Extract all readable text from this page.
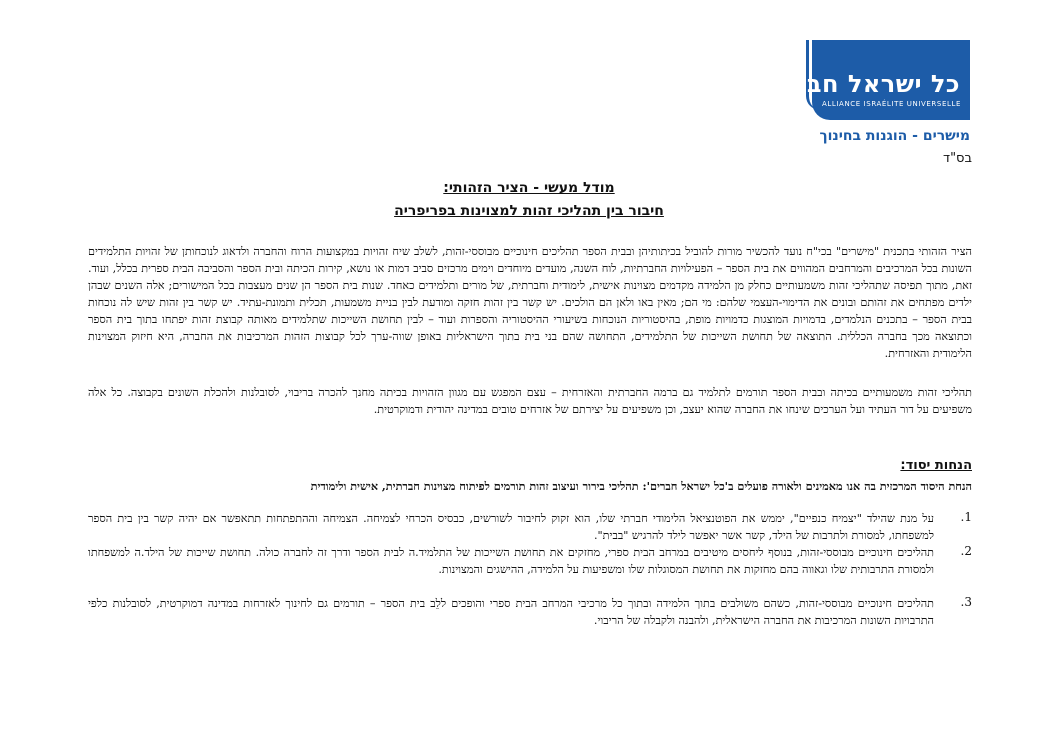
כל ישראל חברים
ALLIANCE ISRAÉLITE UNIVERSELLE
מישרים - הוגנות בחינוך
בס"ד
מודל מעשי - הציר הזהותי:
חיבור בין תהליכי זהות למצוינות בפריפריה
הציר הזהותי בתכנית "מישרים" בכי"ח נועד להכשיר מורות להוביל בכיתותיהן ובבית הספר תהליכים חינוכיים מבוססי-זהות, לשלב שיח זהויות במקצועות הרוח והחברה ולדאוג לנוכחותן של זהויות התלמידים השונות בכל המרכיבים והמרחבים המהווים את בית הספר – הפעילויות החברתיות, לוח השנה, מועדים מיוחדים וימים מרכזים סביב דמות או נושא, קירות הכיתה ובית הספר והסביבה הבית ספרית בכלל, ועוד. זאת, מתוך תפיסה שתהליכי זהות משמעותיים כחלק מן הלמידה מקדמים מצוינות אישית, לימודית וחברתית, של מורים ותלמידים כאחד. שנות בית הספר הן שנים מעצבות בכל המישורים; אלה השנים שבהן ילדים מפתחים את זהותם ובונים את הדימוי-העצמי שלהם: מי הם; מאין באו ולאן הם הולכים. יש קשר בין זהות חזקה ומודעת לבין בניית משמעות, תכלית ותמונת-עתיד. יש קשר בין זהות שיש לה נוכחות בבית הספר – בתכנים הנלמדים, בדמויות המוצגות כדמויות מופת, בהיסטוריות הנוכחות בשיעורי ההיסטוריה והספרות ועוד – לבין תחושת השייכות שתלמידים מאותה קבוצת זהות יפתחו בתוך בית הספר וכתוצאה מכך בחברה הכללית. התוצאה של תחושת השייכות של התלמידים, התחושה שהם בני בית בתוך הישראליות באופן שווה-ערך לכל קבוצות הזהות המרכיבות את החברה, היא חיזוק המצוינות הלימודית והאזרחית.
תהליכי זהות משמעותיים בכיתה ובבית הספר תורמים לתלמיד גם ברמה החברתית והאזרחית – עצם המפגש עם מגוון הזהויות בכיתה מחנך להכרה בריבוי, לסובלנות ולהכלת השונים בקבוצה. כל אלה משפיעים על דור העתיד ועל הערכים שינחו את החברה שהוא יעצב, וכן משפיעים על יצירתם של אזרחים טובים במדינה יהודית ודמוקרטית.
הנחות יסוד:
הנחת היסוד המרכזית בה אנו מאמינים ולאורה פועלים ב'כל ישראל חברים': תהליכי בירור ועיצוב זהות תורמים לפיתוח מצוינות חברתית, אישית ולימודית
1.
על מנת שהילד "יצמיח כנפיים", יממש את הפוטנציאל הלימודי חברתי שלו, הוא זקוק לחיבור לשורשים, כבסיס הכרחי לצמיחה. הצמיחה וההתפתחות תתאפשר אם יהיה קשר בין בית הספר למשפחתו, למסורת ולתרבות של הילד, קשר אשר יאפשר לילד להרגיש "בבית".
2.
תהליכים חינוכיים מבוססי-זהות, בנוסף ליחסים מיטיבים במרחב הבית ספרי, מחזקים את תחושת השייכות של התלמיד.ה לבית הספר ודרך זה לחברה כולה. תחושת שייכות של הילד.ה למשפחתו ולמסורת התרבותית שלו וגאווה בהם מחזקות את תחושת המסוגלות שלו ומשפיעות על הלמידה, ההישגים והמצוינות.
3.
תהליכים חינוכיים מבוססי-זהות, כשהם משולבים בתוך הלמידה ובתוך כל מרכיבי המרחב הבית ספרי והופכים ללֵב בית הספר – תורמים גם לחינוך לאזרחות במדינה דמוקרטית, לסובלנות כלפי התרבויות השונות המרכיבות את החברה הישראלית, ולהבנה ולקבלה של הריבוי.
